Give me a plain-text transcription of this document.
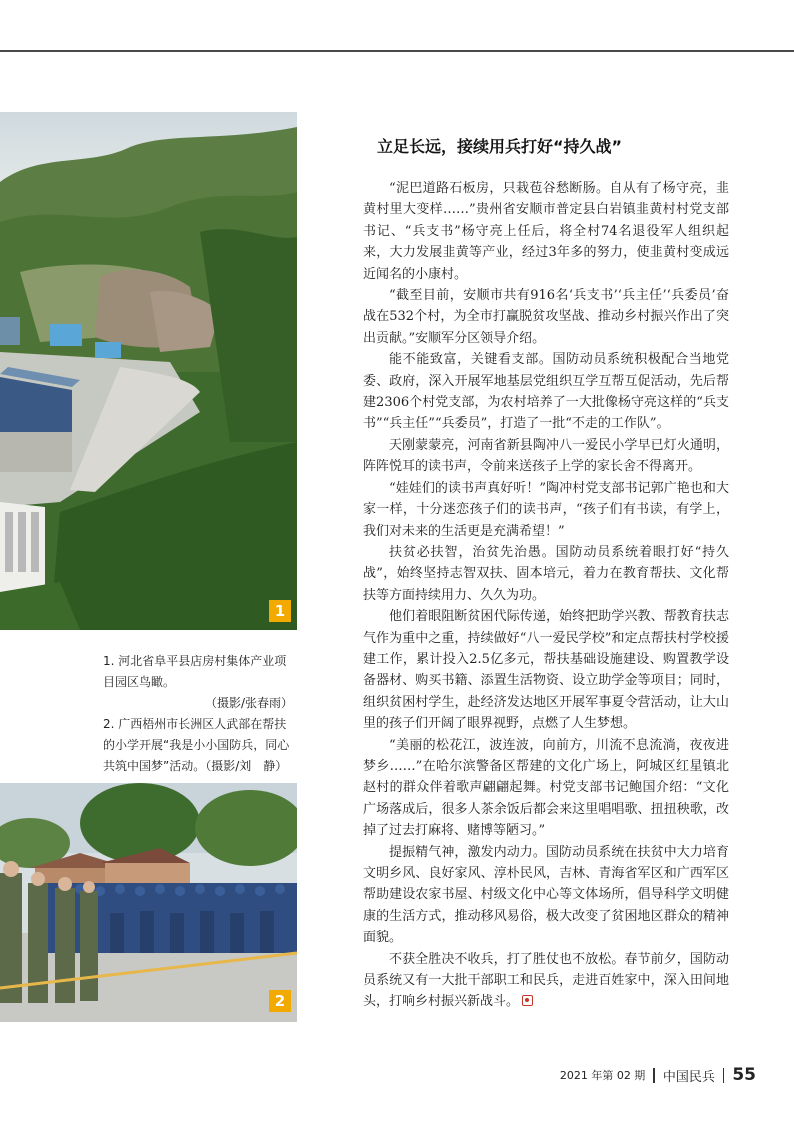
1

1. 河北省阜平县店房村集体产业项目园区鸟瞰。

（摄影/张春雨）

2. 广西梧州市长洲区人武部在帮扶的小学开展“我是小小国防兵，同心共筑中国梦”活动。（摄影/刘　静）

2
立足长远，接续用兵打好“持久战”

“泥巴道路石板房，只栽苞谷愁断肠。自从有了杨守亮，韭黄村里大变样……”贵州省安顺市普定县白岩镇韭黄村村党支部书记、“兵支书”杨守亮上任后，将全村74名退役军人组织起来，大力发展韭黄等产业，经过3年多的努力，使韭黄村变成远近闻名的小康村。

“截至目前，安顺市共有916名‘兵支书’‘兵主任’‘兵委员’奋战在532个村，为全市打赢脱贫攻坚战、推动乡村振兴作出了突出贡献。”安顺军分区领导介绍。

能不能致富，关键看支部。国防动员系统积极配合当地党委、政府，深入开展军地基层党组织互学互帮互促活动，先后帮建2306个村党支部，为农村培养了一大批像杨守亮这样的“兵支书”“兵主任”“兵委员”，打造了一批“不走的工作队”。

天刚蒙蒙亮，河南省新县陶冲八一爱民小学早已灯火通明，阵阵悦耳的读书声，令前来送孩子上学的家长舍不得离开。

“娃娃们的读书声真好听！”陶冲村党支部书记郭广艳也和大家一样，十分迷恋孩子们的读书声，“孩子们有书读，有学上，我们对未来的生活更是充满希望！”

扶贫必扶智，治贫先治愚。国防动员系统着眼打好“持久战”，始终坚持志智双扶、固本培元，着力在教育帮扶、文化帮扶等方面持续用力、久久为功。

他们着眼阻断贫困代际传递，始终把助学兴教、帮教育扶志气作为重中之重，持续做好“八一爱民学校”和定点帮扶村学校援建工作，累计投入2.5亿多元，帮扶基础设施建设、购置教学设备器材、购买书籍、添置生活物资、设立助学金等项目；同时，组织贫困村学生，赴经济发达地区开展军事夏令营活动，让大山里的孩子们开阔了眼界视野，点燃了人生梦想。

“美丽的松花江，波连波，向前方，川流不息流淌，夜夜进梦乡……”在哈尔滨警备区帮建的文化广场上，阿城区红星镇北赵村的群众伴着歌声翩翩起舞。村党支部书记鲍国介绍：“文化广场落成后，很多人茶余饭后都会来这里唱唱歌、扭扭秧歌，改掉了过去打麻将、赌博等陋习。”

提振精气神，激发内动力。国防动员系统在扶贫中大力培育文明乡风、良好家风、淳朴民风，吉林、青海省军区和广西军区帮助建设农家书屋、村级文化中心等文体场所，倡导科学文明健康的生活方式，推动移风易俗，极大改变了贫困地区群众的精神面貌。

不获全胜决不收兵，打了胜仗也不放松。春节前夕，国防动员系统又有一大批干部职工和民兵，走进百姓家中，深入田间地头，打响乡村振兴新战斗。

2021 年第 02 期 中国民兵 55
